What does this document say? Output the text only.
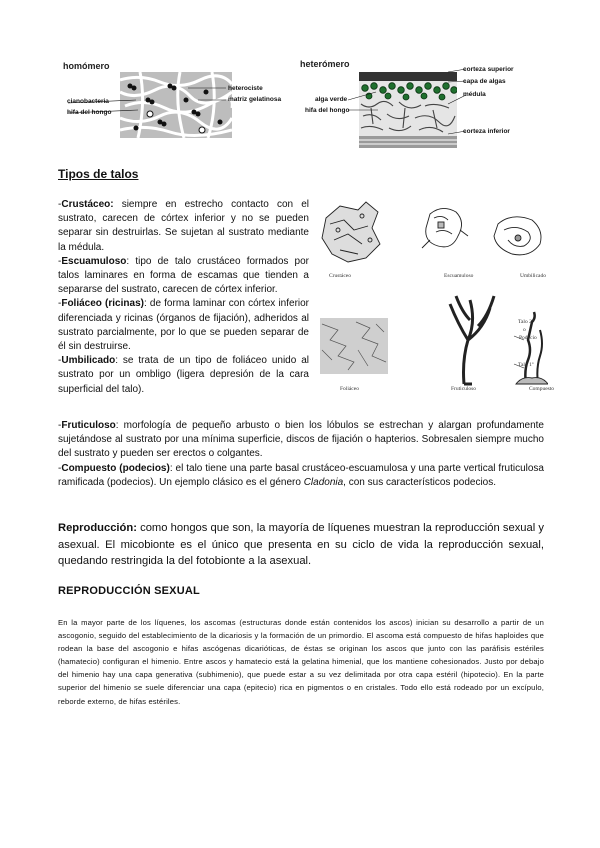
homómero
heterociste
matriz gelatinosa
cianobacteria
hifa del hongo
heterómero
corteza superior
capa de algas
médula
corteza inferior
alga verde
hifa del hongo
Tipos de talos

-Crustáceo: siempre en estrecho contacto con el sustrato, carecen de córtex inferior y no se pueden separar sin destruirlas. Se sujetan al sustrato mediante la médula.

-Escuamuloso: tipo de talo crustáceo formados por talos laminares en forma de escamas que tienden a separarse del sustrato, carecen de córtex inferior.

-Foliáceo (ricinas): de forma laminar con córtex inferior diferenciada y ricinas (órganos de fijación), adheridos al sustrato parcialmente, por lo que se pueden separar de él sin destruirse.

-Umbilicado: se trata de un tipo de foliáceo unido al sustrato por un ombligo (ligera depresión de la cara superficial del talo).

Crustáceo	Escuamuloso	Umbilicado
Foliáceo	Fruticuloso	Compuesto
Talo 2º
o
Podecio
Talo 1º

-Fruticuloso: morfología de pequeño arbusto o bien los lóbulos se estrechan y alargan profundamente sujetándose al sustrato por una mínima superficie, discos de fijación o hapterios. Sobresalen siempre mucho del sustrato y pueden ser erectos o colgantes.

-Compuesto (podecios): el talo tiene una parte basal crustáceo-escuamulosa y una parte vertical fruticulosa ramificada (podecios). Un ejemplo clásico es el género Cladonia, con sus característicos podecios.

Reproducción: como hongos que son, la mayoría de líquenes muestran la reproducción sexual y asexual. El micobionte es el único que presenta en su ciclo de vida la reproducción sexual, quedando restringida la del fotobionte a la asexual.
REPRODUCCIÓN SEXUAL
En la mayor parte de los líquenes, los ascomas (estructuras donde están contenidos los ascos) inician su desarrollo a partir de un ascogonio, seguido del establecimiento de la dicariosis y la formación de un primordio. El ascoma está compuesto de hifas haploides que rodean la base del ascogonio e hifas ascógenas dicarióticas, de éstas se originan los ascos que junto con las paráfisis estériles (hamatecio) configuran el himenio. Entre ascos y hamatecio está la gelatina himenial, que los mantiene cohesionados. Justo por debajo del himenio hay una capa generativa (subhimenio), que puede estar a su vez delimitada por otra capa estéril (hipotecio). En la parte superior del himenio se suele diferenciar una capa (epitecio) rica en pigmentos o en cristales. Todo ello está rodeado por un excípulo, reborde externo, de hifas estériles.
